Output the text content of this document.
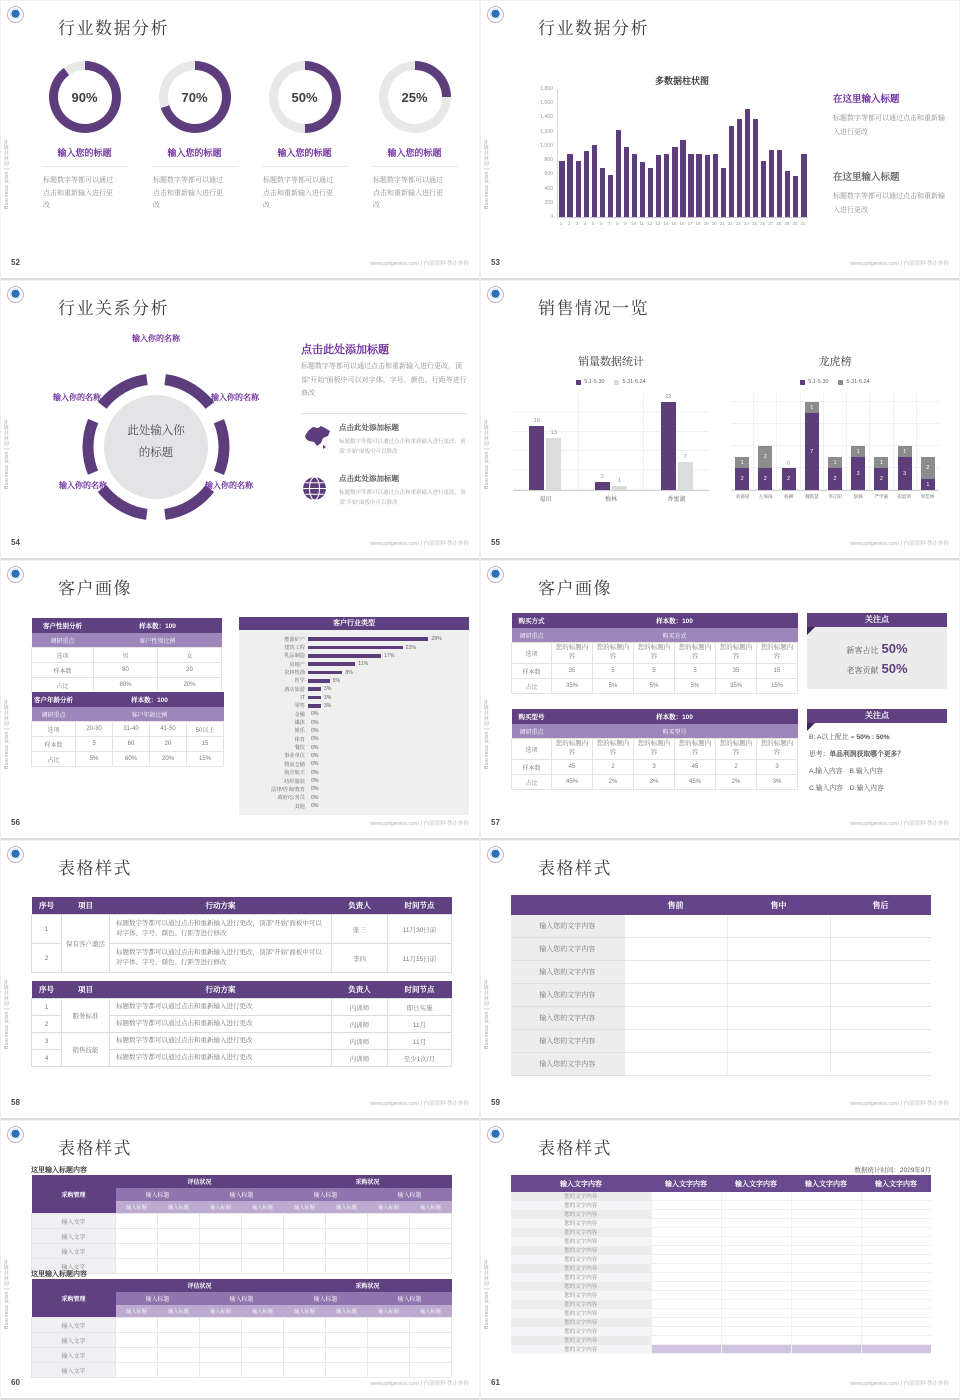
Business plan | 商业计划书
行业数据分析
90%
输入您的标题
标题数字等都可以通过点击和重新输入进行更改
70%
输入您的标题
标题数字等都可以通过点击和重新输入进行更改
50%
输入您的标题
标题数字等都可以通过点击和重新输入进行更改
25%
输入您的标题
标题数字等都可以通过点击和重新输入进行更改
52	www.pptgenius.com | 内部资料 禁止外传
Business plan | 商业计划书
行业数据分析
多数据柱状图
1,800
1,600
1,400
1,200
1,000
800
600
400
200
0
1	2	3	4	5	6	7	8	9 10 11 12 13 14 15 16 17 18 19 20 21 22 23 24 25 26 27 28 29 30 31
在这里输入标题
标题数字等都可以通过点击和重新输入进行更改
在这里输入标题
标题数字等都可以通过点击和重新输入进行更改
53	www.pptgenius.com | 内部资料 禁止外传
Business plan | 商业计划书
行业关系分析
此处输入你的标题
点击此处添加标题
标题数字等都可以通过点击和重新输入进行更改，顶部“开始”面板中可以对字体、字号、颜色、行距等进行修改
点击此处添加标题
标题数字等都可以通过点击和重新输入进行更改，顶部“开始”面板中可以修改
点击此处添加标题
标题数字等都可以通过点击和重新输入进行更改，顶部“开始”面板中可以修改
54	www.pptgenius.com | 内部资料 禁止外传
输入你的名称
输入你的名称
输入你的名称
输入你的名称
输入你的名称	Business plan | 商业计划书
销售情况一览
销量数据统计
5.1-5.30	5.31-6.24
16
13
2
1
22
7
福田	梅林	香蜜湖
龙虎榜
5.1-5.30	5.31-6.24
1
2
2
2
0
2
1
7
1
2
1
3
1
2
1
3
2
1
刘嘉铭	左海南	杨柳	魏新慧	李正阳	晨枫	严学谦	张韶明	周佳林
55	www.pptgenius.com | 内部资料 禁止外传
Business plan | 商业计划书
客户画像
客户性别分析	样本数：100	
调研重点	客户性别比例	
选项	男	女
样本数	80	20
占比	80%	20%
客户年龄分析	样本数：100			
调研重点	客户年龄比例			
选项	20-30	31-40	41-50	50以上
样本数	5	60	20	15
占比	5%	60%	20%	15%
客户行业类型
能源矿产	28%
建筑工程	22%
乳品制造	17%
房地产	11%
农林牧渔	8%
医学	5%
酒店旅游	3%
IT	3%
零售	3%
金融	0%
媒体	0%
娱乐	0%
体育	0%
餐饮	0%
事业单位	0%
物流仓储	0%
航空航天	0%
纺织服装	0%
法律/咨询/教育	0%
政府/公务员	0%
其他	0%
56	www.pptgenius.com | 内部资料 禁止外传
Business plan | 商业计划书
客户画像
购买方式	样本数：100					
调研重点	购买方式					
选项	您的标题内容	您的标题内容	您的标题内容	您的标题内容	您的标题内容	您的标题内容
样本数	35	5	5	5	35	15
占比	35%	5%	5%	5%	35%	15%
关注点
新客占比 50%
老客贡献 50%
购买型号	样本数：100					
调研重点	购买型号					
选项	您的标题内容	您的标题内容	您的标题内容	您的标题内容	您的标题内容	您的标题内容
样本数	45	2	3	45	2	3
占比	45%	2%	3%	45%	2%	3%
关注点
B: A以上配比 = 50% : 50%
思考：单品利润获取哪个更多？
A.输入内容　B.输入内容
C.输入内容　D.输入内容
57	www.pptgenius.com | 内部资料 禁止外传
Business plan | 商业计划书
表格样式
序号	项目	行动方案	负责人	时间节点
1	保有客户激活	标题数字等都可以通过点击和重新输入进行更改，顶部“开始”面板中可以对字体、字号、颜色、行距等进行修改	张三	11月30日前
2		标题数字等都可以通过点击和重新输入进行更改，顶部“开始”面板中可以对字体、字号、颜色、行距等进行修改	李四	11月15日前
序号	项目	行动方案	负责人	时间节点
1	服务标准	标题数字等都可以通过点击和重新输入进行更改	内训师	即日实施
2		标题数字等都可以通过点击和重新输入进行更改	内训师	11月
3	销售技能	标题数字等都可以通过点击和重新输入进行更改	内训师	11月
4		标题数字等都可以通过点击和重新输入进行更改	内训师	至少1次/月
58	www.pptgenius.com | 内部资料 禁止外传
Business plan | 商业计划书
表格样式
	售前	售中	售后
输入您的文字内容			
输入您的文字内容			
输入您的文字内容			
输入您的文字内容			
输入您的文字内容			
输入您的文字内容			
输入您的文字内容			
59	www.pptgenius.com | 内部资料 禁止外传
Business plan | 商业计划书
表格样式
这里输入标题内容
采购管理	评估状况				采购状况			
	输入标题		输入标题		输入标题		输入标题	
	输入标题	输入标题	输入标题	输入标题	输入标题	输入标题	输入标题	输入标题
输入文字								
输入文字								
输入文字								
输入文字								
这里输入标题内容
采购管理	评估状况				采购状况			
	输入标题		输入标题		输入标题		输入标题	
	输入标题	输入标题	输入标题	输入标题	输入标题	输入标题	输入标题	输入标题
输入文字								
输入文字								
输入文字								
输入文字								
60	www.pptgenius.com | 内部资料 禁止外传
Business plan | 商业计划书
表格样式
数据统计时间：2029年9月
输入文字内容	输入文字内容	输入文字内容	输入文字内容	输入文字内容
您的文字内容				
您的文字内容				
您的文字内容				
您的文字内容				
您的文字内容				
您的文字内容				
您的文字内容				
您的文字内容				
您的文字内容				
您的文字内容				
您的文字内容				
您的文字内容				
您的文字内容				
您的文字内容				
您的文字内容				
您的文字内容				
您的文字内容				
您的文字内容				
61	www.pptgenius.com | 内部资料 禁止外传
